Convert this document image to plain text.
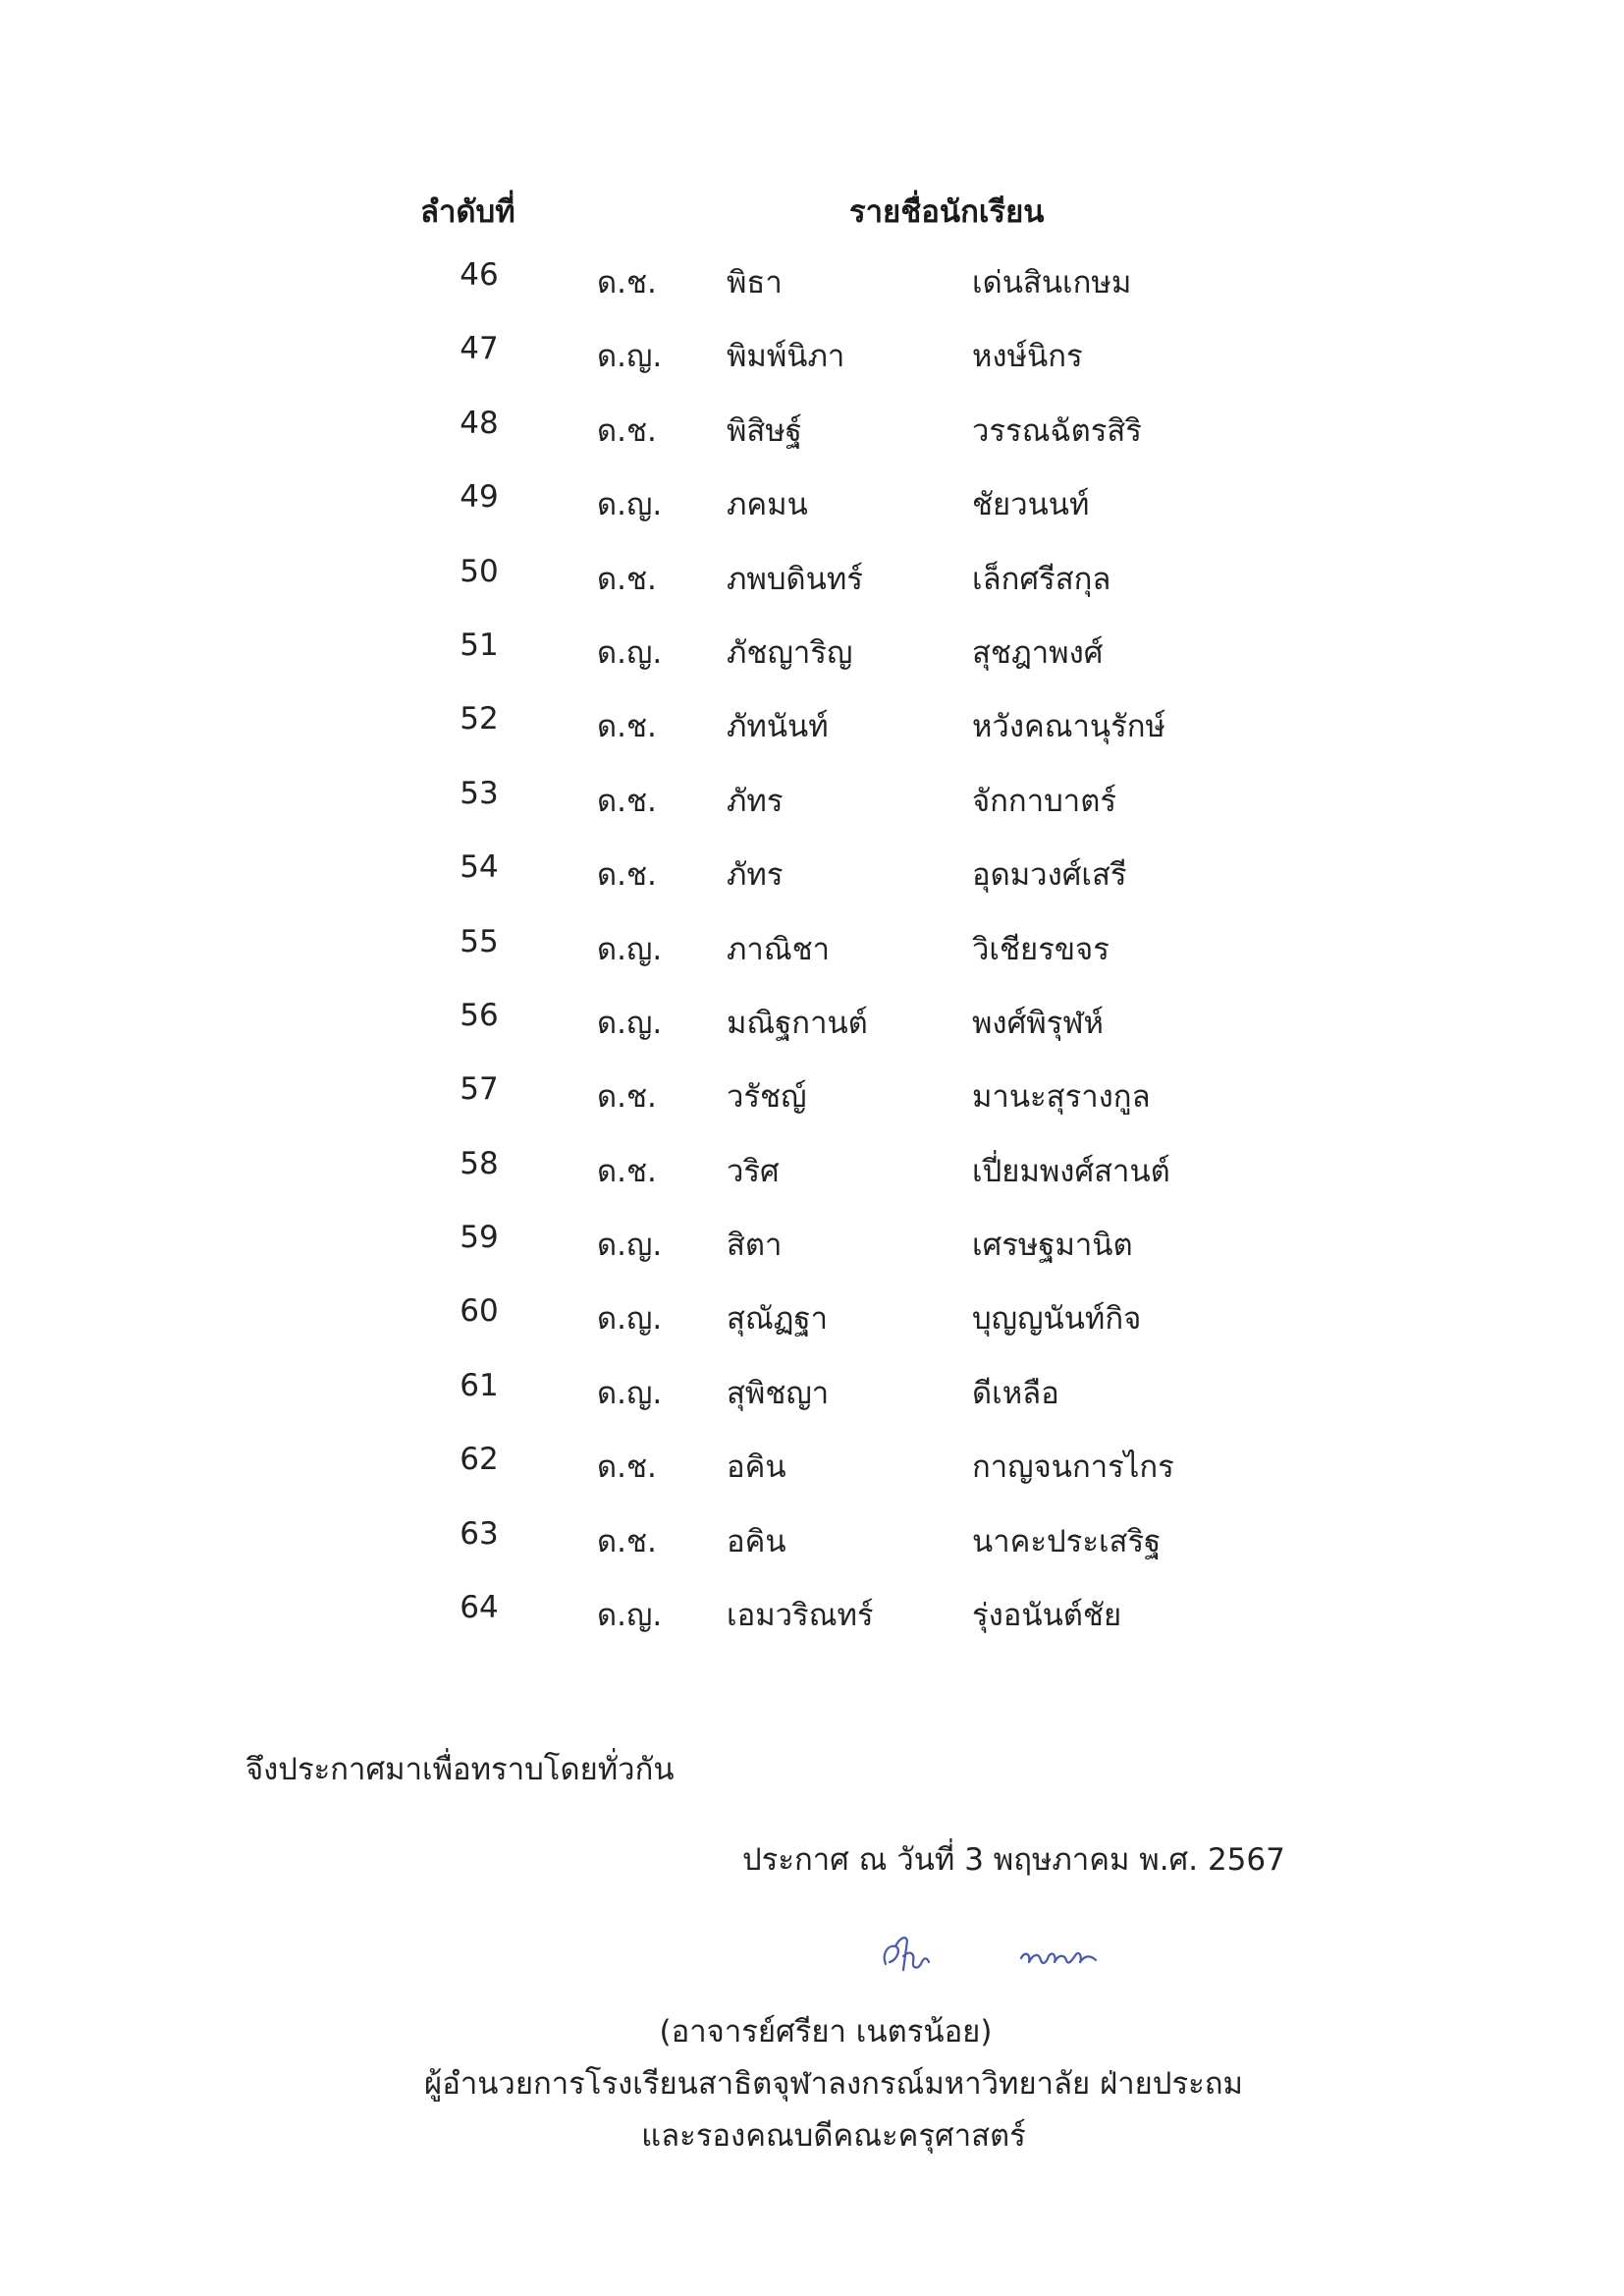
ลำดับที่	รายชื่อนักเรียน
46	ด.ช. พิธา	เด่นสินเกษม
47	ด.ญ. พิมพ์นิภา	หงษ์นิกร
48	ด.ช. พิสิษฐ์	วรรณฉัตรสิริ
49	ด.ญ. ภคมน	ชัยวนนท์
50	ด.ช. ภพบดินทร์	เล็กศรีสกุล
51	ด.ญ. ภัชญาริญ	สุชฎาพงศ์
52	ด.ช. ภัทนันท์	หวังคณานุรักษ์
53	ด.ช. ภัทร	จักกาบาตร์
54	ด.ช. ภัทร	อุดมวงศ์เสรี
55	ด.ญ. ภาณิชา	วิเชียรขจร
56	ด.ญ. มณิฐกานต์	พงศ์พิรุฬห์
57	ด.ช. วรัชญ์	มานะสุรางกูล
58	ด.ช. วริศ	เปี่ยมพงศ์สานต์
59	ด.ญ. สิตา	เศรษฐมานิต
60	ด.ญ. สุณัฏฐา	บุญญนันท์กิจ
61	ด.ญ. สุพิชญา	ดีเหลือ
62	ด.ช. อคิน	กาญจนการไกร
63	ด.ช. อคิน	นาคะประเสริฐ
64	ด.ญ. เอมวริณทร์	รุ่งอนันต์ชัย
จึงประกาศมาเพื่อทราบโดยทั่วกัน
ประกาศ ณ วันที่ 3 พฤษภาคม พ.ศ. 2567
(อาจารย์ศรียา เนตรน้อย)
ผู้อำนวยการโรงเรียนสาธิตจุฬาลงกรณ์มหาวิทยาลัย ฝ่ายประถม
และรองคณบดีคณะครุศาสตร์
